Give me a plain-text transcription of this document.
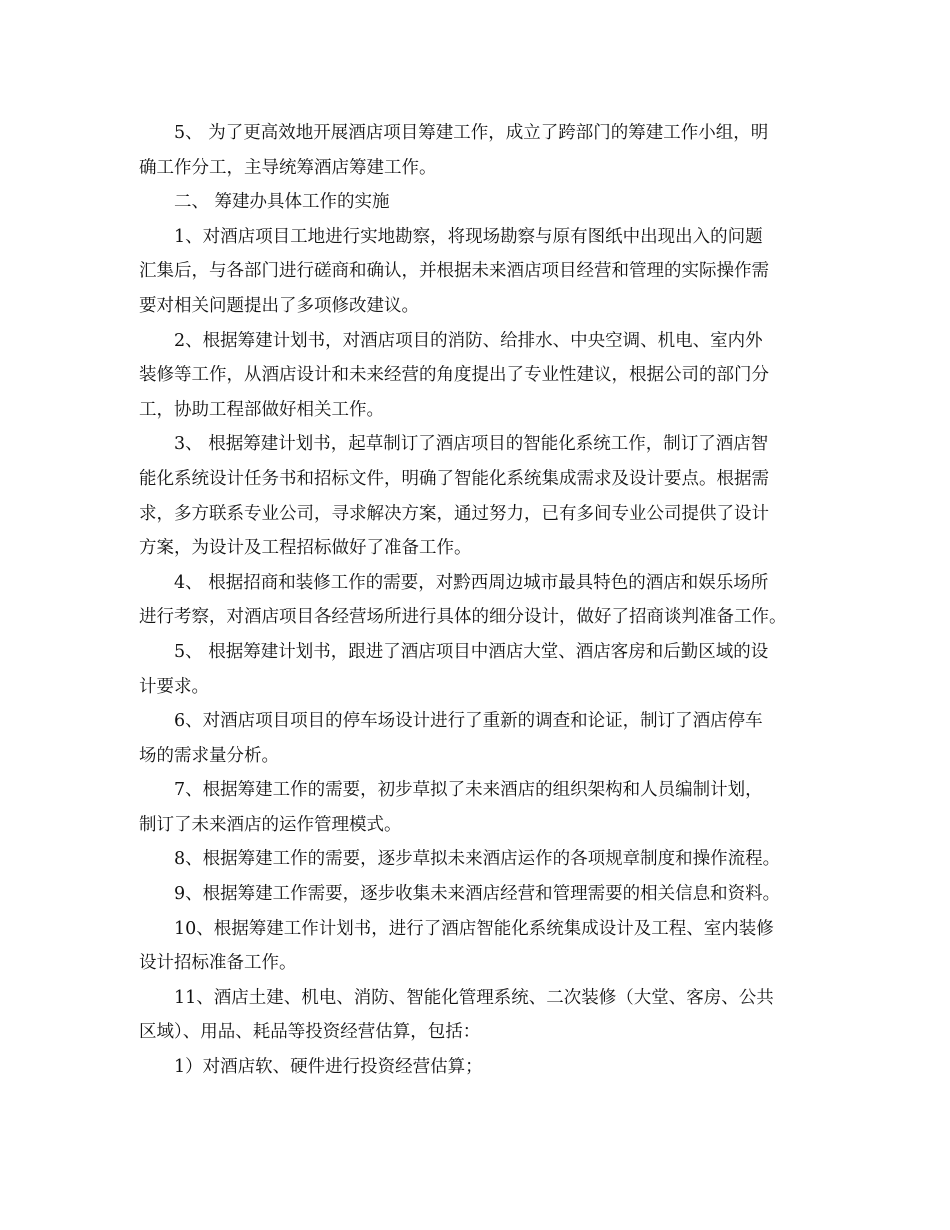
　　5、 为了更高效地开展酒店项目筹建工作，成立了跨部门的筹建工作小组，明
确工作分工，主导统筹酒店筹建工作。
　　二、 筹建办具体工作的实施
　　1、对酒店项目工地进行实地勘察，将现场勘察与原有图纸中出现出入的问题
汇集后，与各部门进行磋商和确认，并根据未来酒店项目经营和管理的实际操作需
要对相关问题提出了多项修改建议。
　　2、根据筹建计划书，对酒店项目的消防、给排水、中央空调、机电、室内外
装修等工作，从酒店设计和未来经营的角度提出了专业性建议，根据公司的部门分
工，协助工程部做好相关工作。
　　3、 根据筹建计划书，起草制订了酒店项目的智能化系统工作，制订了酒店智
能化系统设计任务书和招标文件，明确了智能化系统集成需求及设计要点。根据需
求，多方联系专业公司，寻求解决方案，通过努力，已有多间专业公司提供了设计
方案，为设计及工程招标做好了准备工作。
　　4、 根据招商和装修工作的需要，对黔西周边城市最具特色的酒店和娱乐场所
进行考察，对酒店项目各经营场所进行具体的细分设计，做好了招商谈判准备工作。
　　5、 根据筹建计划书，跟进了酒店项目中酒店大堂、酒店客房和后勤区域的设
计要求。
　　6、对酒店项目项目的停车场设计进行了重新的调查和论证，制订了酒店停车
场的需求量分析。
　　7、根据筹建工作的需要，初步草拟了未来酒店的组织架构和人员编制计划，
制订了未来酒店的运作管理模式。
　　8、根据筹建工作的需要，逐步草拟未来酒店运作的各项规章制度和操作流程。
　　9、根据筹建工作需要，逐步收集未来酒店经营和管理需要的相关信息和资料。
　　10、根据筹建工作计划书，进行了酒店智能化系统集成设计及工程、室内装修
设计招标准备工作。
　　11、酒店土建、机电、消防、智能化管理系统、二次装修（大堂、客房、公共
区域）、用品、耗品等投资经营估算，包括：
　　1）对酒店软、硬件进行投资经营估算；
